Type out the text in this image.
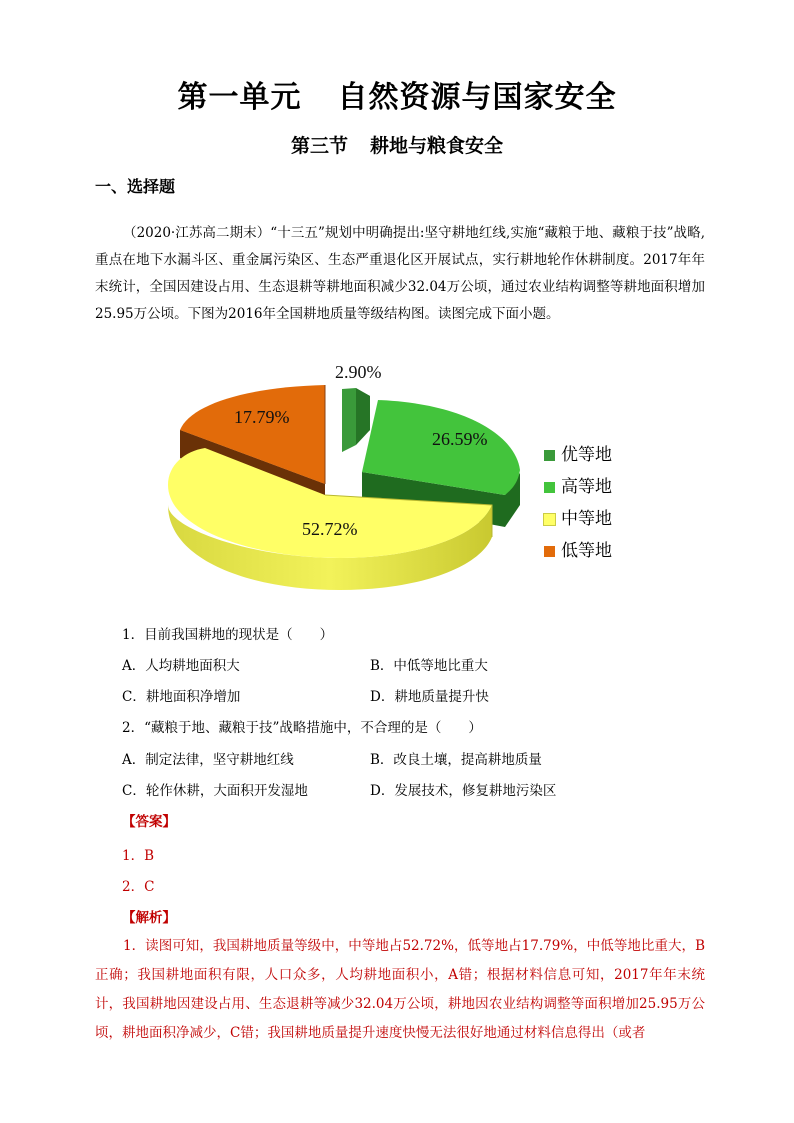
第一单元 自然资源与国家安全
第三节 耕地与粮食安全
一、选择题
（2020·江苏高二期末）“十三五”规划中明确提出:坚守耕地红线,实施“藏粮于地、藏粮于技”战略,重点在地下水漏斗区、重金属污染区、生态严重退化区开展试点，实行耕地轮作休耕制度。2017年年末统计，全国因建设占用、生态退耕等耕地面积减少32.04万公顷，通过农业结构调整等耕地面积增加25.95万公顷。下图为2016年全国耕地质量等级结构图。读图完成下面小题。
2.90%
26.59%
52.72%
17.79%
优等地
高等地
中等地
低等地
1．目前我国耕地的现状是（　　）
A．人均耕地面积大	B．中低等地比重大
C．耕地面积净增加	D．耕地质量提升快
2．“藏粮于地、藏粮于技”战略措施中，不合理的是（　　）
A．制定法律，坚守耕地红线	B．改良土壤，提高耕地质量
C．轮作休耕，大面积开发湿地	D．发展技术，修复耕地污染区
【答案】
1．B
2．C
【解析】
1．读图可知，我国耕地质量等级中，中等地占52.72%，低等地占17.79%，中低等地比重大，B正确；我国耕地面积有限，人口众多，人均耕地面积小，A错；根据材料信息可知，2017年年末统计，我国耕地因建设占用、生态退耕等减少32.04万公顷，耕地因农业结构调整等面积增加25.95万公顷，耕地面积净减少，C错；我国耕地质量提升速度快慢无法很好地通过材料信息得出（或者
